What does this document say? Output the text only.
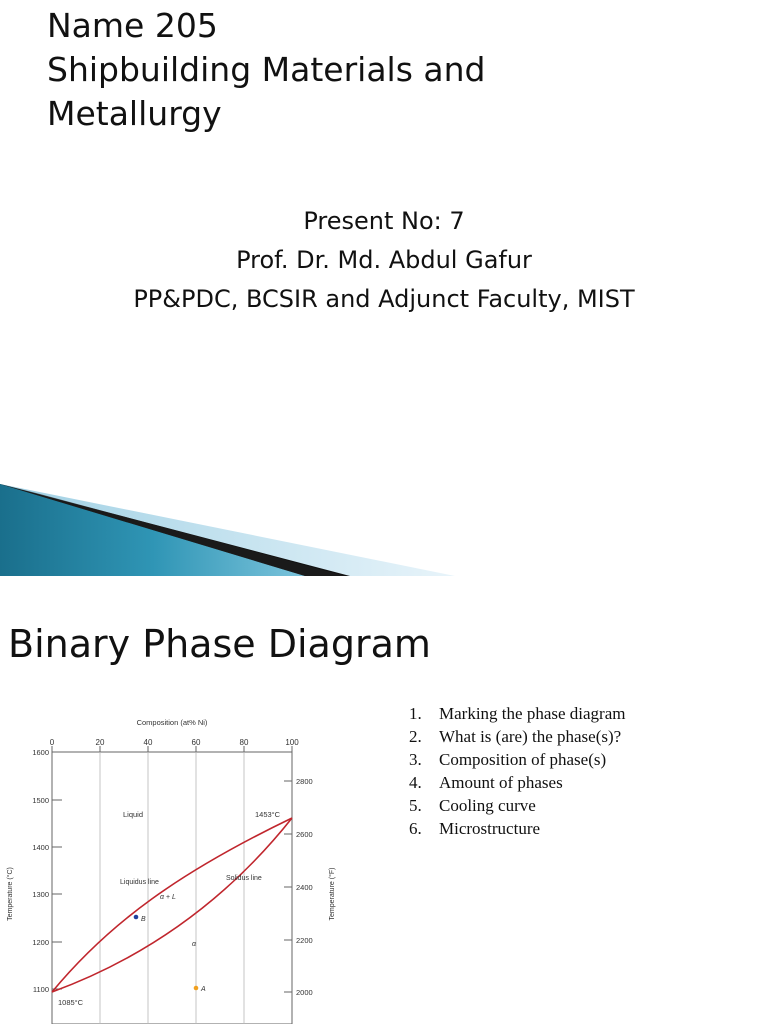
Name 205
Shipbuilding Materials and
Metallurgy
Present No: 7
Prof. Dr. Md. Abdul Gafur
PP&PDC, BCSIR and Adjunct Faculty, MIST
Binary Phase Diagram
Composition (at% Ni)
Temperature (°C)	Temperature (°F)
0	20	40	60	80	100
1600
1500
1400
1300
1200
1100
2800
2600
2400
2200
2000
Liquid	1453°C
Solidus line
Liquidus line
α + L
α
1085°C
B
A
1. Marking the phase diagram
2. What is (are) the phase(s)?
3. Composition of phase(s)
4. Amount of phases
5. Cooling curve
6. Microstructure
